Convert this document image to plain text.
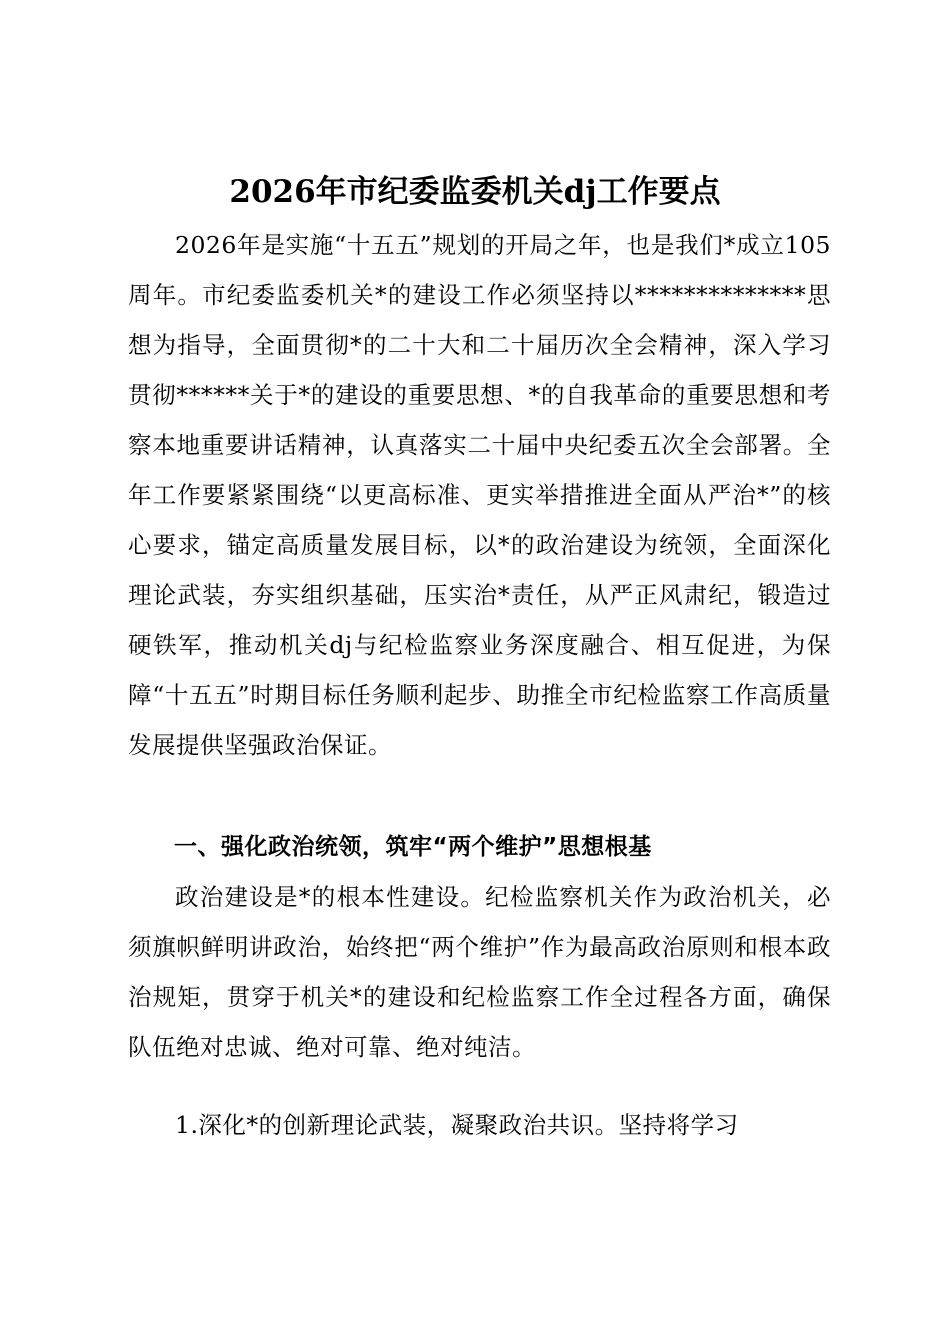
2026年市纪委监委机关dj工作要点

2026年是实施“十五五”规划的开局之年，也是我们*成立105周年。市纪委监委机关*的建设工作必须坚持以**************思想为指导，全面贯彻*的二十大和二十届历次全会精神，深入学习贯彻******关于*的建设的重要思想、*的自我革命的重要思想和考察本地重要讲话精神，认真落实二十届中央纪委五次全会部署。全年工作要紧紧围绕“以更高标准、更实举措推进全面从严治*”的核心要求，锚定高质量发展目标，以*的政治建设为统领，全面深化理论武装，夯实组织基础，压实治*责任，从严正风肃纪，锻造过硬铁军，推动机关dj与纪检监察业务深度融合、相互促进，为保障“十五五”时期目标任务顺利起步、助推全市纪检监察工作高质量发展提供坚强政治保证。

一、强化政治统领，筑牢“两个维护”思想根基

政治建设是*的根本性建设。纪检监察机关作为政治机关，必须旗帜鲜明讲政治，始终把“两个维护”作为最高政治原则和根本政治规矩，贯穿于机关*的建设和纪检监察工作全过程各方面，确保队伍绝对忠诚、绝对可靠、绝对纯洁。

1.深化*的创新理论武装，凝聚政治共识。坚持将学习
